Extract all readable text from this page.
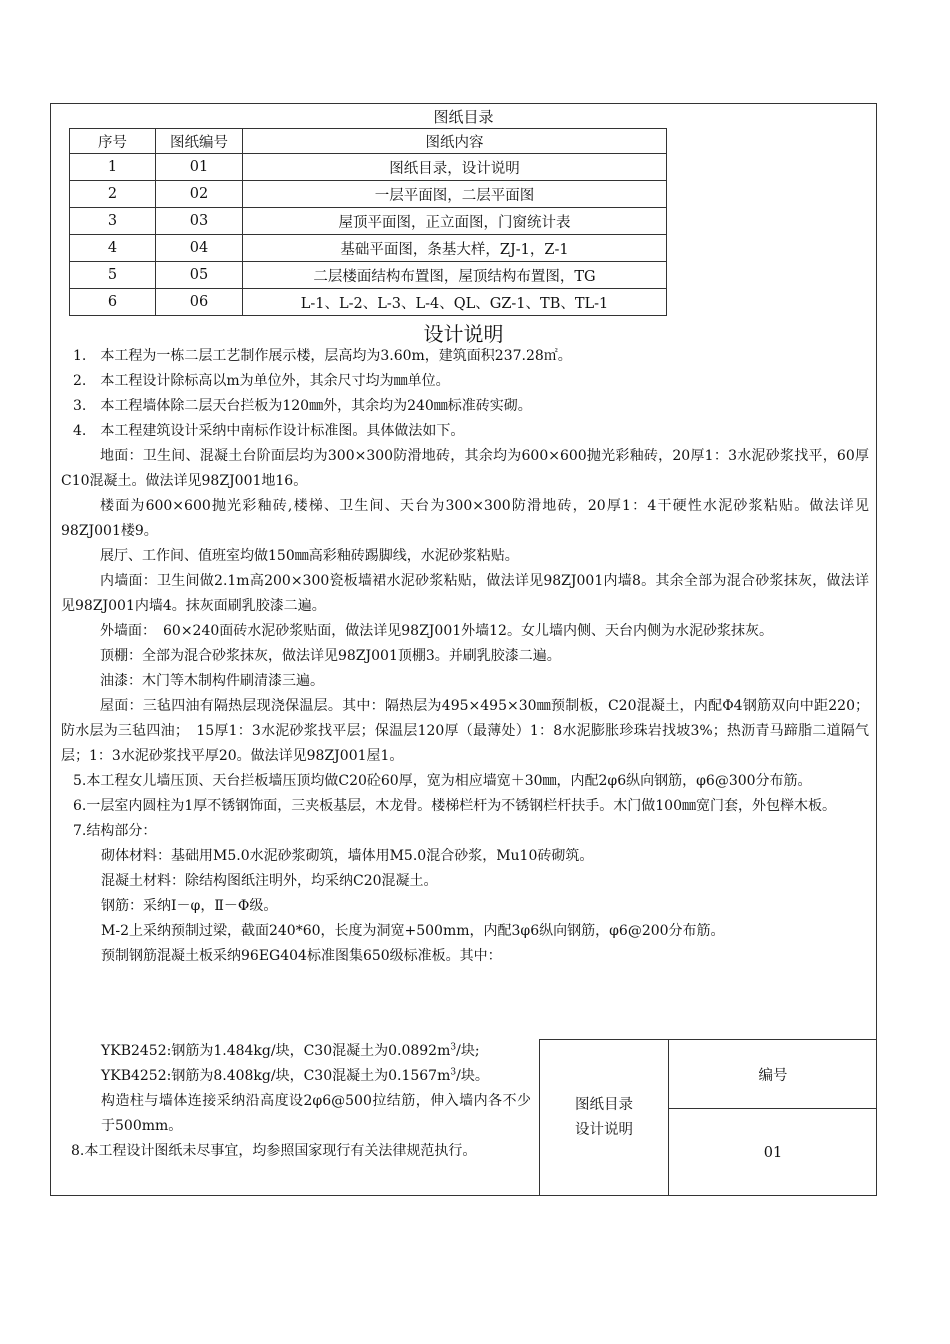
图纸目录
序号	图纸编号	图纸内容
1	01	图纸目录，设计说明
2	02	一层平面图，二层平面图
3	03	屋顶平面图，正立面图，门窗统计表
4	04	基础平面图，条基大样，ZJ-1，Z-1
5	05	二层楼面结构布置图，屋顶结构布置图，TG
6	06	L-1、L-2、L-3、L-4、QL、GZ-1、TB、TL-1
设计说明

1.　本工程为一栋二层工艺制作展示楼，层高均为3.60m，建筑面积237.28㎡。

2.　本工程设计除标高以m为单位外，其余尺寸均为㎜单位。

3.　本工程墙体除二层天台拦板为120㎜外，其余均为240㎜标准砖实砌。

4.　本工程建筑设计采纳中南标作设计标准图。具体做法如下。

地面：卫生间、混凝土台阶面层均为300×300防滑地砖，其余均为600×600抛光彩釉砖，20厚1：3水泥砂浆找平，60厚C10混凝土。做法详见98ZJ001地16。

楼面为600×600抛光彩釉砖,楼梯、卫生间、天台为300×300防滑地砖，20厚1：4干硬性水泥砂浆粘贴。做法详见98ZJ001楼9。

展厅、工作间、值班室均做150㎜高彩釉砖踢脚线，水泥砂浆粘贴。

内墙面：卫生间做2.1m高200×300瓷板墙裙水泥砂浆粘贴，做法详见98ZJ001内墙8。其余全部为混合砂浆抹灰，做法详见98ZJ001内墙4。抹灰面刷乳胶漆二遍。

外墙面：　60×240面砖水泥砂浆贴面，做法详见98ZJ001外墙12。女儿墙内侧、天台内侧为水泥砂浆抹灰。

顶棚：全部为混合砂浆抹灰，做法详见98ZJ001顶棚3。并刷乳胶漆二遍。

油漆：木门等木制构件刷清漆三遍。

屋面：三毡四油有隔热层现浇保温层。其中：隔热层为495×495×30㎜预制板，C20混凝土，内配Φ4钢筋双向中距220；防水层为三毡四油；　15厚1：3水泥砂浆找平层；保温层120厚（最薄处）1：8水泥膨胀珍珠岩找坡3%；热沥青马蹄脂二道隔气层；1：3水泥砂浆找平厚20。做法详见98ZJ001屋1。

5.本工程女儿墙压顶、天台拦板墙压顶均做C20砼60厚，宽为相应墙宽＋30㎜，内配2φ6纵向钢筋，φ6@300分布筋。

6.一层室内圆柱为1厚不锈钢饰面，三夹板基层，木龙骨。楼梯栏杆为不锈钢栏杆扶手。木门做100㎜宽门套，外包榉木板。

7.结构部分：

砌体材料：基础用M5.0水泥砂浆砌筑，墙体用M5.0混合砂浆，Mu10砖砌筑。

混凝土材料：除结构图纸注明外，均采纳C20混凝土。

钢筋：采纳Ⅰ－φ，Ⅱ－Φ级。

M-2上采纳预制过梁，截面240*60，长度为洞宽+500mm，内配3φ6纵向钢筋，φ6@200分布筋。

预制钢筋混凝土板采纳96EG404标准图集650级标准板。其中：

YKB2452:钢筋为1.484kg/块，C30混凝土为$0.0892m^3/$块;

YKB4252:钢筋为8.408kg/块，C30混凝土为$0.1567m^3/$块。

构造柱与墙体连接采纳沿高度设2φ6@500拉结筋，伸入墙内各不少于500mm。

8.本工程设计图纸未尽事宜，均参照国家现行有关法律规范执行。

图纸目录
设计说明
编号
01
